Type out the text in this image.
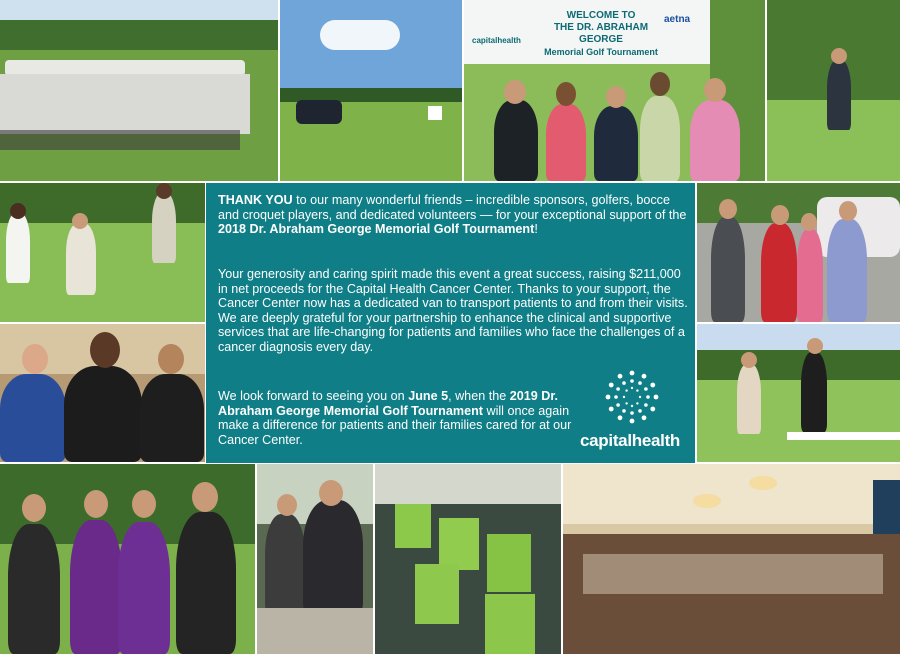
WELCOME TO
THE DR. ABRAHAM GEORGE
Memorial Golf Tournament
capitalhealth
aetna

THANK YOU to our many wonderful friends – incredible sponsors, golfers, bocce and croquet players, and dedicated volunteers — for your exceptional support of the 2018 Dr. Abraham George Memorial Golf Tournament!

Your generosity and caring spirit made this event a great success, raising $211,000 in net proceeds for the Capital Health Cancer Center. Thanks to your support, the Cancer Center now has a dedicated van to transport patients to and from their visits. We are deeply grateful for your partnership to enhance the clinical and supportive services that are life-changing for patients and families who face the challenges of a cancer diagnosis every day.

We look forward to seeing you on June 5, when the 2019 Dr. Abraham George Memorial Golf Tournament will once again make a difference for patients and their families cared for at our Cancer Center.	capitalhealth
